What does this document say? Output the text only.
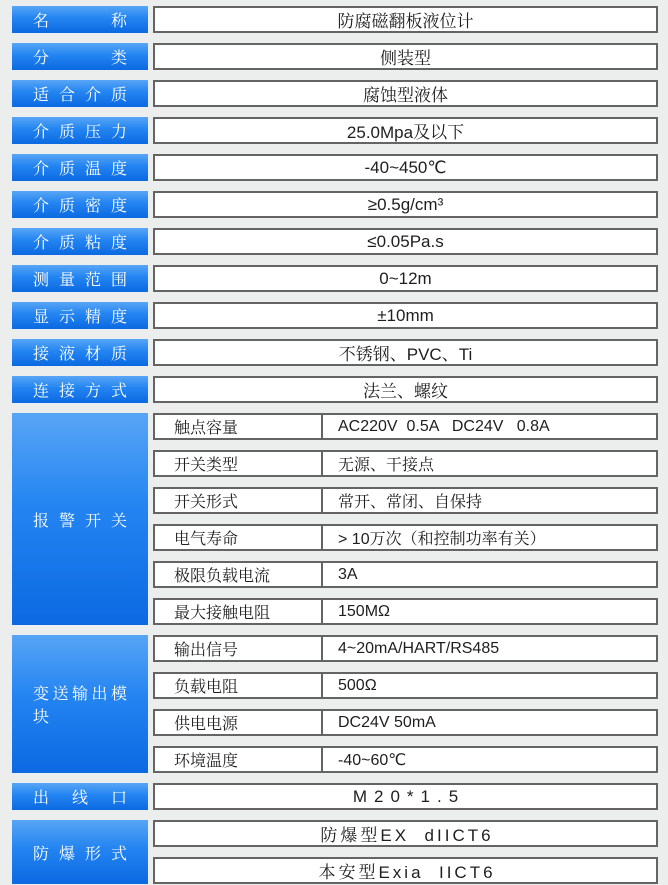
名称	防腐磁翻板液位计
分类	侧装型
适合介质	腐蚀型液体
介质压力	25.0Mpa及以下
介质温度	-40~450℃
介质密度	≥0.5g/cm³
介质粘度	≤0.05Pa.s
测量范围	0~12m
显示精度	±10mm
接液材质	不锈钢、PVC、Ti
连接方式	法兰、螺纹
报警开关
触点容量	AC220V  0.5A   DC24V   0.8A
开关类型	无源、干接点
开关形式	常开、常闭、自保持
电气寿命	> 10万次（和控制功率有关）
极限负载电流	3A
最大接触电阻	150MΩ
变送输出模块
输出信号	4~20mA/HART/RS485
负载电阻	500Ω
供电电源	DC24V 50mA
环境温度	-40~60℃
出线口	M20*1.5
防爆形式
防爆型EX  dIICT6
本安型Exia  IICT6
